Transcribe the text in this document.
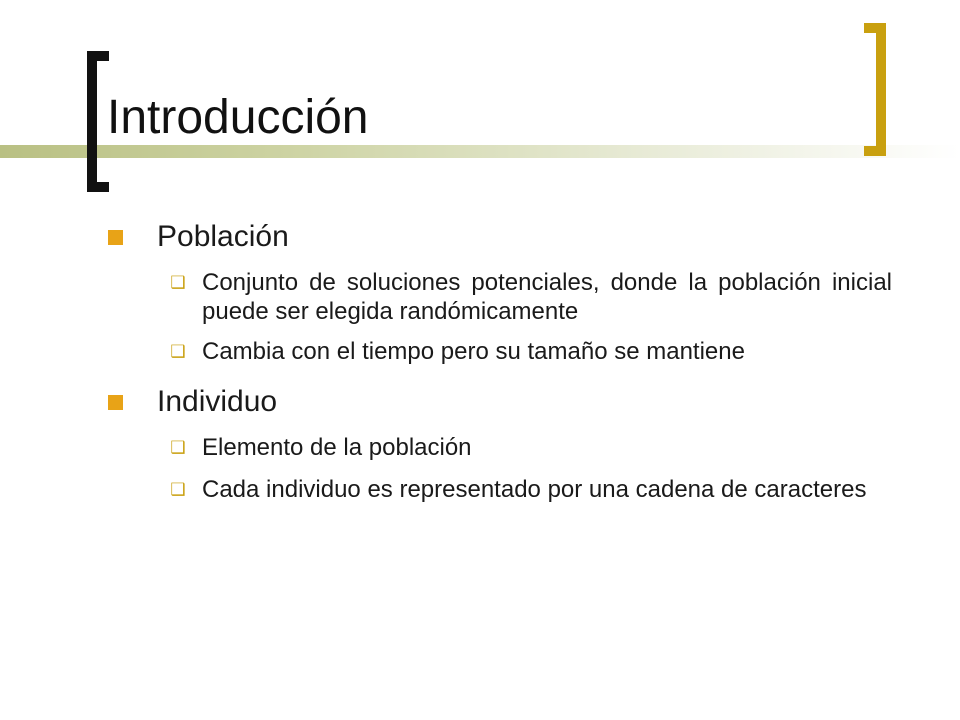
Introducción
Población
❑ Conjunto de soluciones potenciales, donde la población inicial puede ser elegida randómicamente
❑ Cambia con el tiempo pero su tamaño se mantiene
Individuo
❑ Elemento de la población
❑ Cada individuo es representado por una cadena de caracteres
